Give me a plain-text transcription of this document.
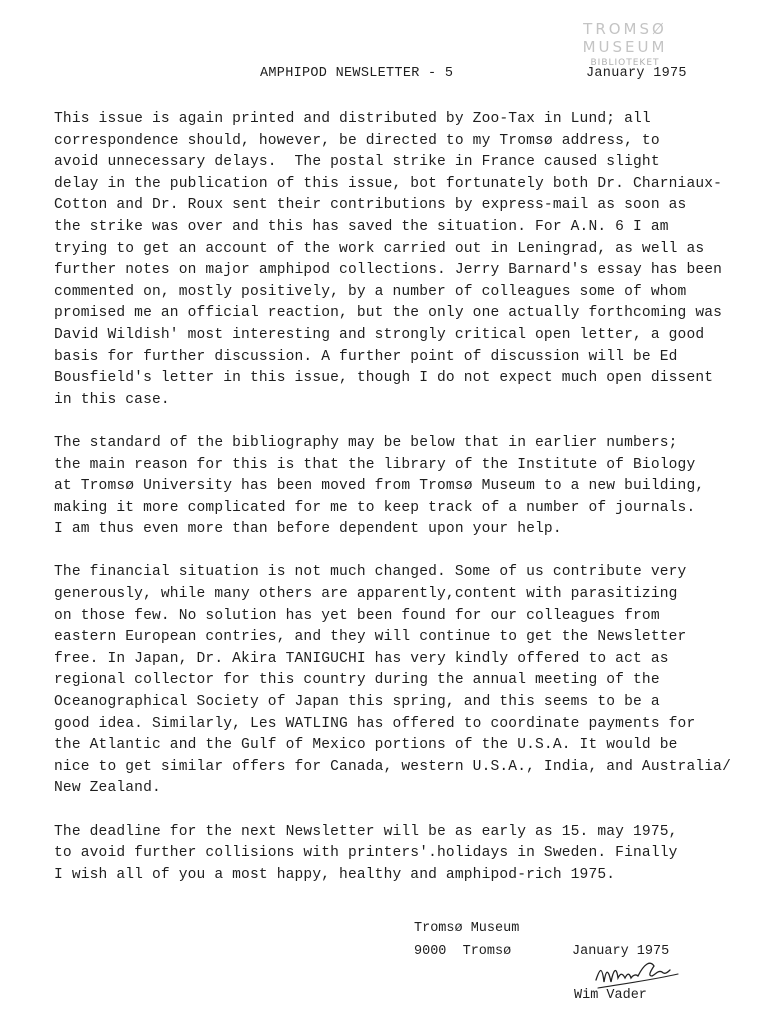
TROMSØ MUSEUM
BIBLIOTEKET
AMPHIPOD NEWSLETTER - 5	January 1975
This issue is again printed and distributed by Zoo-Tax in Lund; all
correspondence should, however, be directed to my Tromsø address, to
avoid unnecessary delays.  The postal strike in France caused slight
delay in the publication of this issue, bot fortunately both Dr. Charniaux-
Cotton and Dr. Roux sent their contributions by express-mail as soon as
the strike was over and this has saved the situation. For A.N. 6 I am
trying to get an account of the work carried out in Leningrad, as well as
further notes on major amphipod collections. Jerry Barnard's essay has been
commented on, mostly positively, by a number of colleagues some of whom
promised me an official reaction, but the only one actually forthcoming was
David Wildish' most interesting and strongly critical open letter, a good
basis for further discussion. A further point of discussion will be Ed
Bousfield's letter in this issue, though I do not expect much open dissent
in this case.
The standard of the bibliography may be below that in earlier numbers;
the main reason for this is that the library of the Institute of Biology
at Tromsø University has been moved from Tromsø Museum to a new building,
making it more complicated for me to keep track of a number of journals.
I am thus even more than before dependent upon your help.
The financial situation is not much changed. Some of us contribute very
generously, while many others are apparently,content with parasitizing
on those few. No solution has yet been found for our colleagues from
eastern European contries, and they will continue to get the Newsletter
free. In Japan, Dr. Akira TANIGUCHI has very kindly offered to act as
regional collector for this country during the annual meeting of the
Oceanographical Society of Japan this spring, and this seems to be a
good idea. Similarly, Les WATLING has offered to coordinate payments for
the Atlantic and the Gulf of Mexico portions of the U.S.A. It would be
nice to get similar offers for Canada, western U.S.A., India, and Australia/
New Zealand.
The deadline for the next Newsletter will be as early as 15. may 1975,
to avoid further collisions with printers'.holidays in Sweden. Finally
I wish all of you a most happy, healthy and amphipod-rich 1975.
Tromsø Museum
9000  Tromsø	January 1975
Wim Vader
